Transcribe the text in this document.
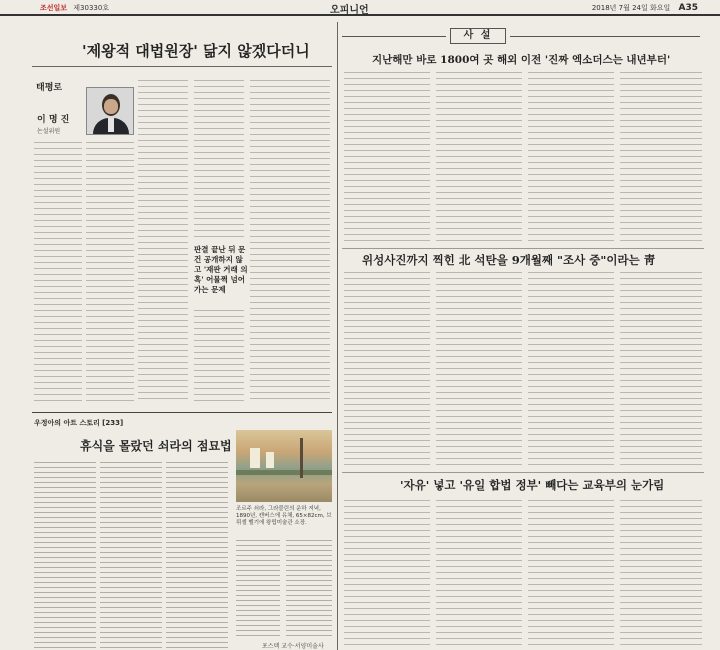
조선일보 제30330호	오피니언	2018년 7월 24일 화요일 A35
'제왕적 대법원장' 닮지 않겠다더니
태평로
이 명 진
논설위원
판결 끝난 뒤 문건 공개하지 않고 '재판 거래 의혹' 어물쩍 넘어가는 문제
우정아의 아트 스토리 [233]
휴식을 몰랐던 쇠라의 점묘법
조르주 쇠라, 그라블린의 운하 저녁, 1890년, 캔버스에 유채, 65×82cm, 브뤼셀 벨기에 왕립미술관 소장.
포스텍 교수·서양미술사
사 설
지난해만 바로 1800여 곳 해외 이전 '진짜 엑소더스는 내년부터'
위성사진까지 찍힌 北 석탄을 9개월째 "조사 중"이라는 靑
'자유' 넣고 '유일 합법 정부' 빼다는 교육부의 눈가림
